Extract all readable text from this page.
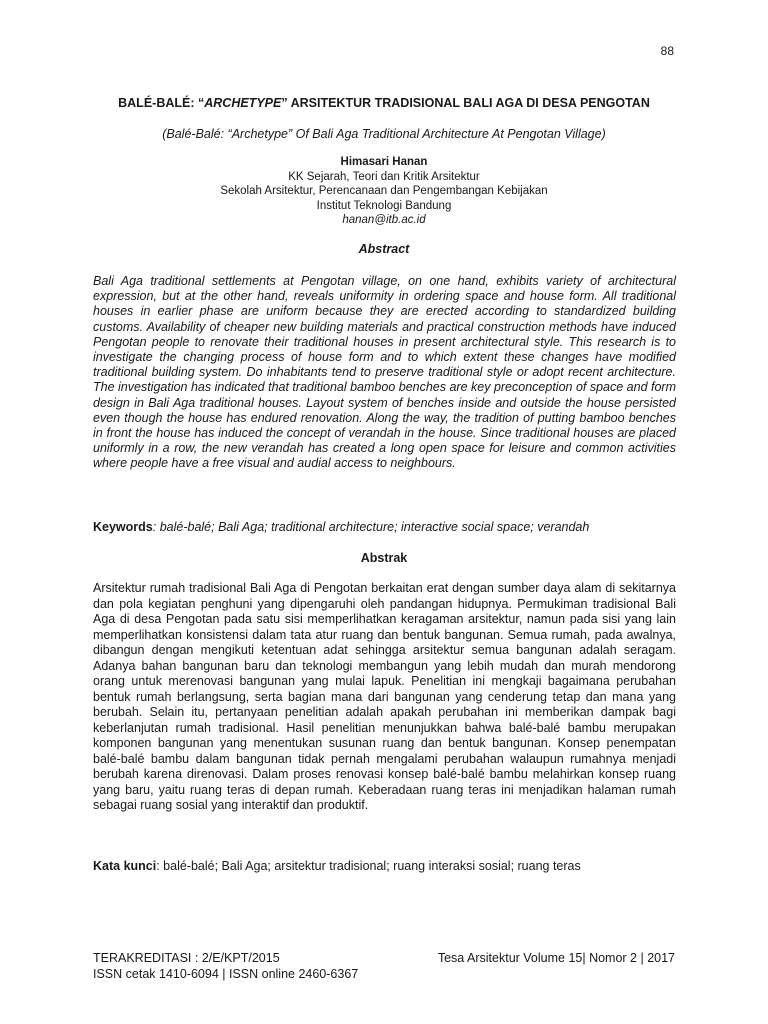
88
BALÉ-BALÉ: “ARCHETYPE” ARSITEKTUR TRADISIONAL BALI AGA DI DESA PENGOTAN
(Balé-Balé: “Archetype” Of Bali Aga Traditional Architecture At Pengotan Village)
Himasari Hanan
KK Sejarah, Teori dan Kritik Arsitektur
Sekolah Arsitektur, Perencanaan dan Pengembangan Kebijakan
Institut Teknologi Bandung
hanan@itb.ac.id
Abstract

Bali Aga traditional settlements at Pengotan village, on one hand, exhibits variety of architectural expression, but at the other hand, reveals uniformity in ordering space and house form. All traditional houses in earlier phase are uniform because they are erected according to standardized building customs. Availability of cheaper new building materials and practical construction methods have induced Pengotan people to renovate their traditional houses in present architectural style. This research is to investigate the changing process of house form and to which extent these changes have modified traditional building system. Do inhabitants tend to preserve traditional style or adopt recent architecture. The investigation has indicated that traditional bamboo benches are key preconception of space and form design in Bali Aga traditional houses. Layout system of benches inside and outside the house persisted even though the house has endured renovation. Along the way, the tradition of putting bamboo benches in front the house has induced the concept of verandah in the house. Since traditional houses are placed uniformly in a row, the new verandah has created a long open space for leisure and common activities where people have a free visual and audial access to neighbours.

Keywords: balé-balé; Bali Aga; traditional architecture; interactive social space; verandah
Abstrak

Arsitektur rumah tradisional Bali Aga di Pengotan berkaitan erat dengan sumber daya alam di sekitarnya dan pola kegiatan penghuni yang dipengaruhi oleh pandangan hidupnya. Permukiman tradisional Bali Aga di desa Pengotan pada satu sisi memperlihatkan keragaman arsitektur, namun pada sisi yang lain memperlihatkan konsistensi dalam tata atur ruang dan bentuk bangunan. Semua rumah, pada awalnya, dibangun dengan mengikuti ketentuan adat sehingga arsitektur semua bangunan adalah seragam. Adanya bahan bangunan baru dan teknologi membangun yang lebih mudah dan murah mendorong orang untuk merenovasi bangunan yang mulai lapuk. Penelitian ini mengkaji bagaimana perubahan bentuk rumah berlangsung, serta bagian mana dari bangunan yang cenderung tetap dan mana yang berubah. Selain itu, pertanyaan penelitian adalah apakah perubahan ini memberikan dampak bagi keberlanjutan rumah tradisional. Hasil penelitian menunjukkan bahwa balé-balé bambu merupakan komponen bangunan yang menentukan susunan ruang dan bentuk bangunan. Konsep penempatan balé-balé bambu dalam bangunan tidak pernah mengalami perubahan walaupun rumahnya menjadi berubah karena direnovasi. Dalam proses renovasi konsep balé-balé bambu melahirkan konsep ruang yang baru, yaitu ruang teras di depan rumah. Keberadaan ruang teras ini menjadikan halaman rumah sebagai ruang sosial yang interaktif dan produktif.

Kata kunci: balé-balé; Bali Aga; arsitektur tradisional; ruang interaksi sosial; ruang teras
TERAKREDITASI : 2/E/KPT/2015
ISSN cetak 1410-6094 | ISSN online 2460-6367
Tesa Arsitektur Volume 15| Nomor 2 | 2017
